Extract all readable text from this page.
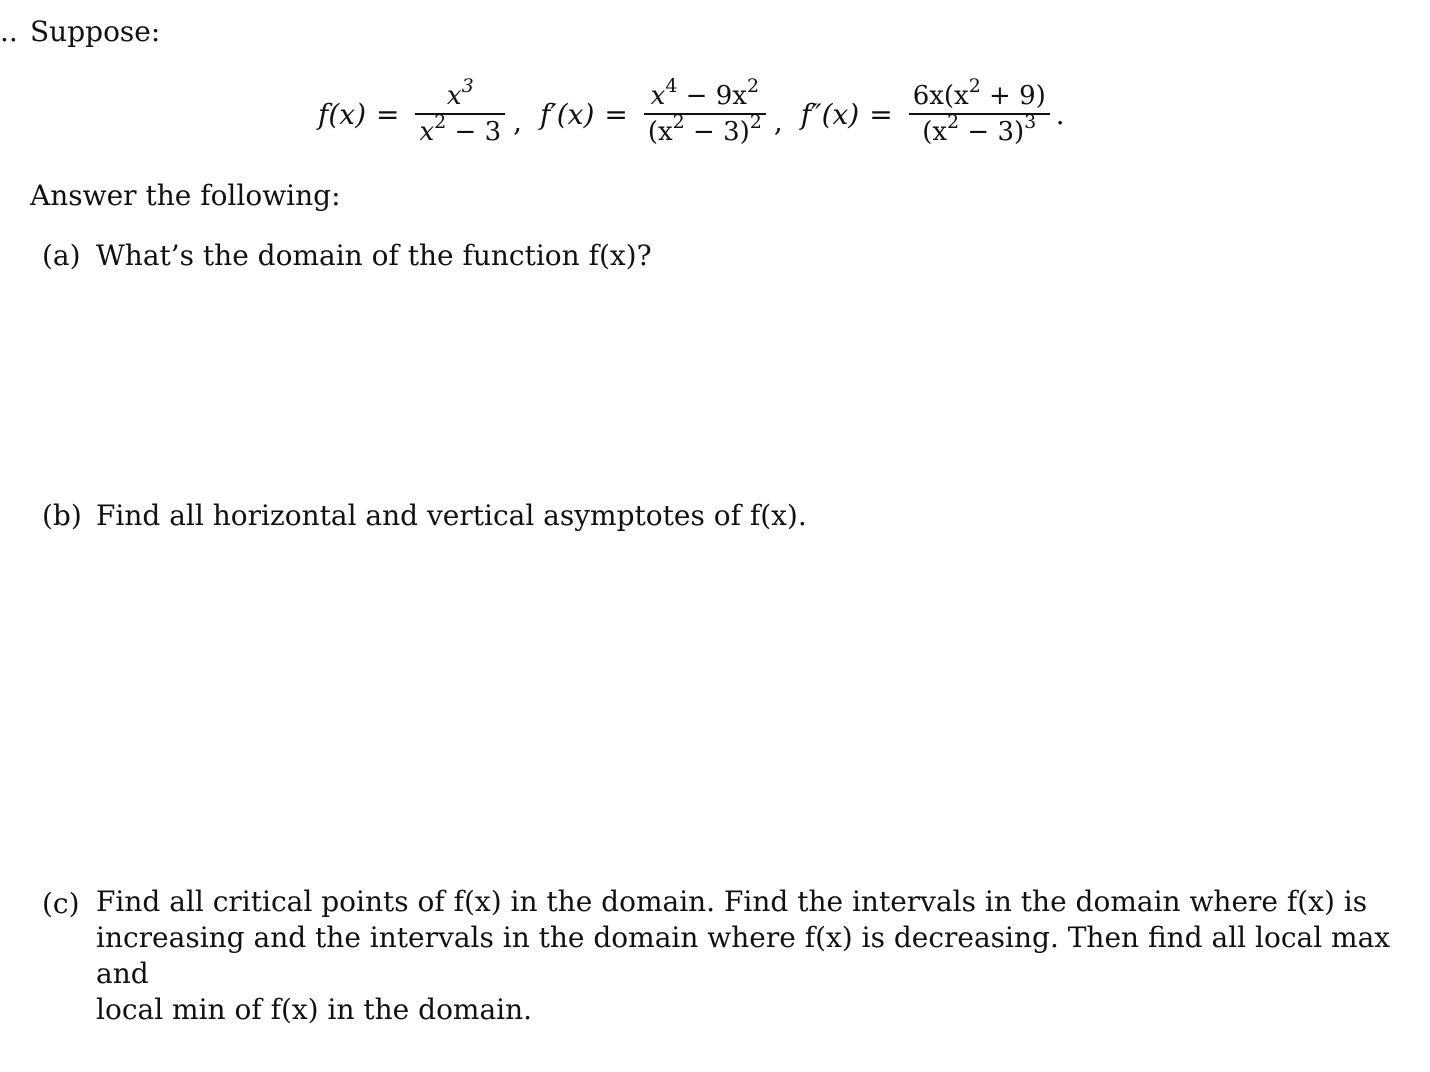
.. Suppose:
$f(x) = \frac{x^3}{x^2 - 3}$ , $f'(x) = \frac{x^4 - 9x^2}{(x^2 - 3)^2}$ , $f''(x) = \frac{6x(x^2 + 9)}{(x^2 - 3)^3}$ .
Answer the following:
(a) What’s the domain of the function f(x)?
(b) Find all horizontal and vertical asymptotes of f(x).
(c) Find all critical points of f(x) in the domain. Find the intervals in the domain where f(x) is
increasing and the intervals in the domain where f(x) is decreasing. Then find all local max and
local min of f(x) in the domain.
